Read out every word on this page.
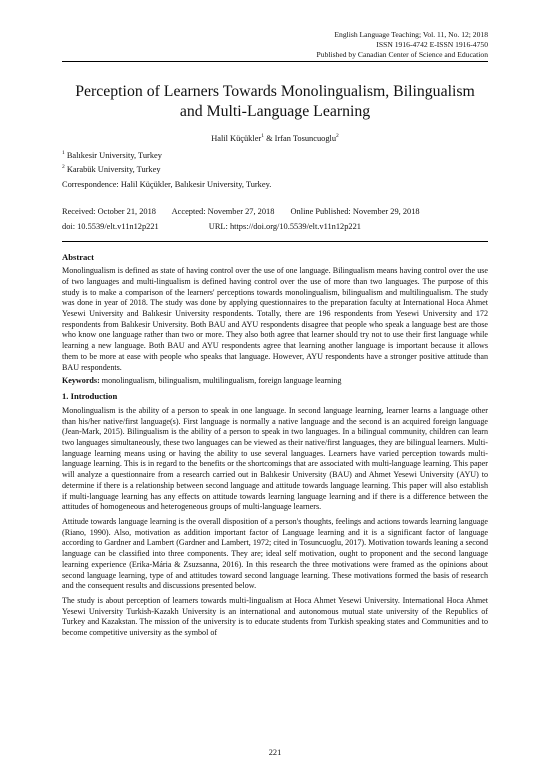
English Language Teaching; Vol. 11, No. 12; 2018
ISSN 1916-4742 E-ISSN 1916-4750
Published by Canadian Center of Science and Education
Perception of Learners Towards Monolingualism, Bilingualism and Multi-Language Learning
Halil Küçükler$^1$ & Irfan Tosuncuoglu$^2$
$^1$ Balıkesir University, Turkey
$^2$ Karabük University, Turkey
Correspondence: Halil Küçükler, Balıkesir University, Turkey.
Received: October 21, 2018 Accepted: November 27, 2018 Online Published: November 29, 2018
doi: 10.5539/elt.v11n12p221	URL: https://doi.org/10.5539/elt.v11n12p221
Abstract

Monolingualism is defined as state of having control over the use of one language. Bilingualism means having control over the use of two languages and multi-lingualism is defined having control over the use of more than two languages. The purpose of this study is to make a comparison of the learners' perceptions towards monolingualism, bilingualism and multilingualism. The study was done in year of 2018. The study was done by applying questionnaires to the preparation faculty at International Hoca Ahmet Yesewi University and Balıkesir University respondents. Totally, there are 196 respondents from Yesewi University and 172 respondents from Balıkesir University. Both BAU and AYU respondents disagree that people who speak a language best are those who know one language rather than two or more. They also both agree that learner should try not to use their first language while learning a new language. Both BAU and AYU respondents agree that learning another language is important because it allows them to be more at ease with people who speaks that language. However, AYU respondents have a stronger positive attitude than BAU respondents.

Keywords: monolingualism, bilingualism, multilingualism, foreign language learning
1. Introduction

Monolingualism is the ability of a person to speak in one language. In second language learning, learner learns a language other than his/her native/first language(s). First language is normally a native language and the second is an acquired foreign language (Jean-Mark, 2015). Bilingualism is the ability of a person to speak in two languages. In a bilingual community, children can learn two languages simultaneously, these two languages can be viewed as their native/first languages, they are bilingual learners. Multi-language learning means using or having the ability to use several languages. Learners have varied perception towards multi-language learning. This is in regard to the benefits or the shortcomings that are associated with multi-language learning. This paper will analyze a questionnaire from a research carried out in Balıkesir University (BAU) and Ahmet Yesewi University (AYU) to determine if there is a relationship between second language and attitude towards language learning. This paper will also establish if multi-language learning has any effects on attitude towards learning language learning and if there is a difference between the attitudes of homogeneous and heterogeneous groups of multi-language learners.

Attitude towards language learning is the overall disposition of a person's thoughts, feelings and actions towards learning language (Riano, 1990). Also, motivation as addition important factor of Language learning and it is a significant factor of language according to Gardner and Lambert (Gardner and Lambert, 1972; cited in Tosuncuoglu, 2017). Motivation towards leaning a second language can be classified into three components. They are; ideal self motivation, ought to proponent and the second language learning experience (Erika-Mária & Zsuzsanna, 2016). In this research the three motivations were framed as the opinions about second language learning, type of and attitudes toward second language learning. These motivations formed the basis of research and the consequent results and discussions presented below.

The study is about perception of learners towards multi-lingualism at Hoca Ahmet Yesewi University. International Hoca Ahmet Yesewi University Turkish-Kazakh University is an international and autonomous mutual state university of the Republics of Turkey and Kazakstan. The mission of the university is to educate students from Turkish speaking states and Communities and to become competitive university as the symbol of

221
